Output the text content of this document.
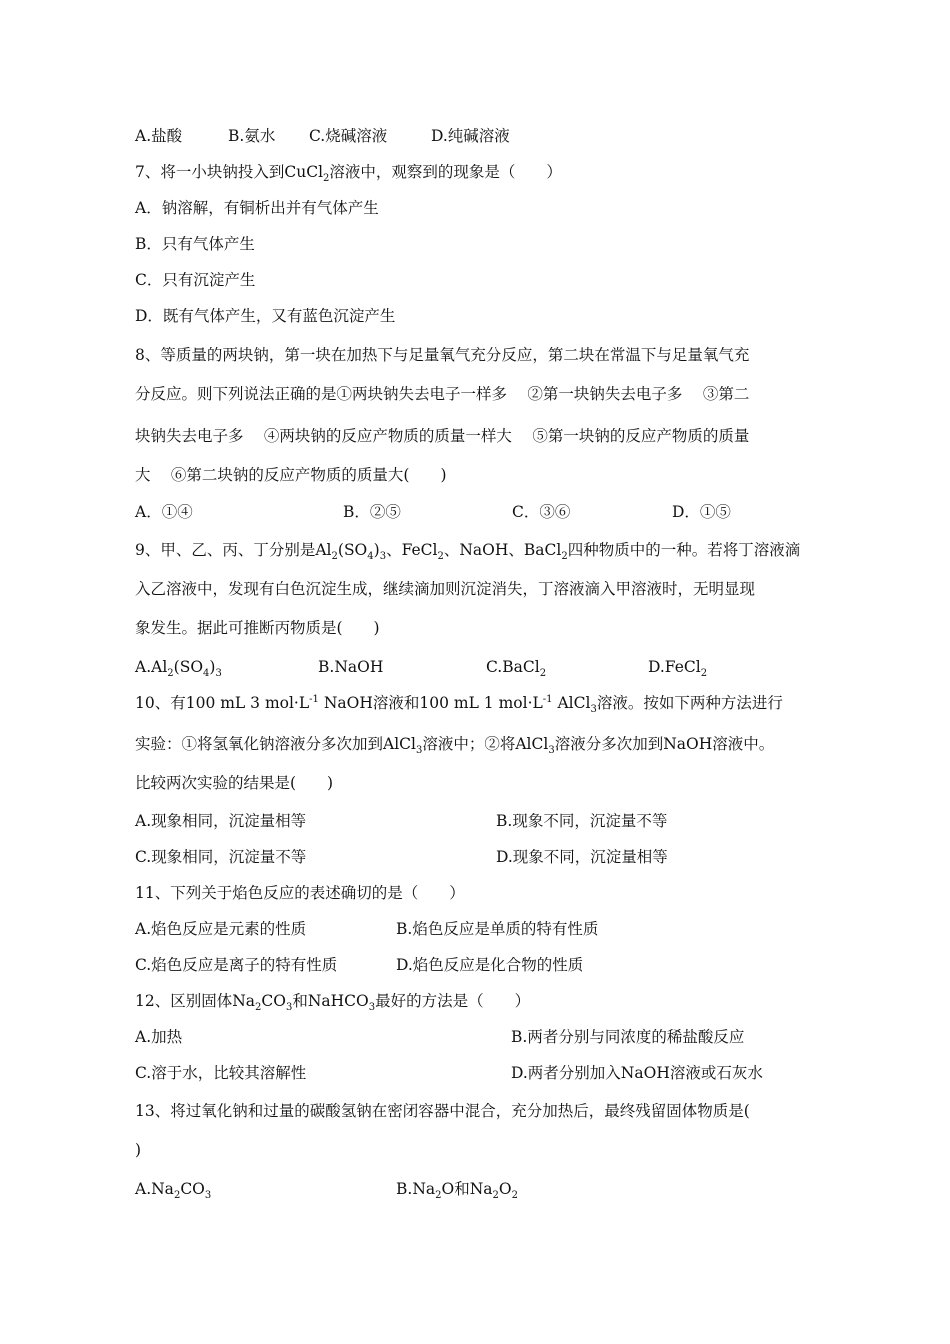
A.盐酸	B.氨水 C.烧碱溶液	D.纯碱溶液
7、将一小块钠投入到CuCl$_2$溶液中，观察到的现象是（　　）
A．钠溶解，有铜析出并有气体产生
B．只有气体产生
C．只有沉淀产生
D．既有气体产生，又有蓝色沉淀产生
8、等质量的两块钠，第一块在加热下与足量氧气充分反应，第二块在常温下与足量氧气充
分反应。则下列说法正确的是①两块钠失去电子一样多　 ②第一块钠失去电子多　 ③第二
块钠失去电子多　 ④两块钠的反应产物质的质量一样大　 ⑤第一块钠的反应产物质的质量
大　 ⑥第二块钠的反应产物质的质量大(　　)
A．①④	B．②⑤	C．③⑥	D．①⑤
9、甲、乙、丙、丁分别是$Al_2(SO_4)_3$、FeCl$_2$、NaOH、BaCl$_2$四种物质中的一种。若将丁溶液滴
入乙溶液中，发现有白色沉淀生成，继续滴加则沉淀消失，丁溶液滴入甲溶液时，无明显现
象发生。据此可推断丙物质是(　　)
$A.Al_2(SO_4)_3$	B.NaOH	C.BaCl$_2$	D.FeCl$_2$
10、有100 mL 3 $mol\cdot L^{-1}$ NaOH溶液和100 mL 1 $mol\cdot L^{-1}$ AlCl$_3$溶液。按如下两种方法进行
实验：①将氢氧化钠溶液分多次加到AlCl$_3$溶液中；②将AlCl$_3$溶液分多次加到NaOH溶液中。
比较两次实验的结果是(　　)
A.现象相同，沉淀量相等	B.现象不同，沉淀量不等
C.现象相同，沉淀量不等	D.现象不同，沉淀量相等
11、下列关于焰色反应的表述确切的是（　　）
A.焰色反应是元素的性质	B.焰色反应是单质的特有性质
C.焰色反应是离子的特有性质	D.焰色反应是化合物的性质
12、区别固体$Na_2CO_3$和NaHCO$_3$最好的方法是（　　）
A.加热	B.两者分别与同浓度的稀盐酸反应
C.溶于水，比较其溶解性	D.两者分别加入NaOH溶液或石灰水
13、将过氧化钠和过量的碳酸氢钠在密闭容器中混合，充分加热后，最终残留固体物质是(
)
$A.Na_2CO_3$	$B.Na_2O$和$Na_2O_2$
